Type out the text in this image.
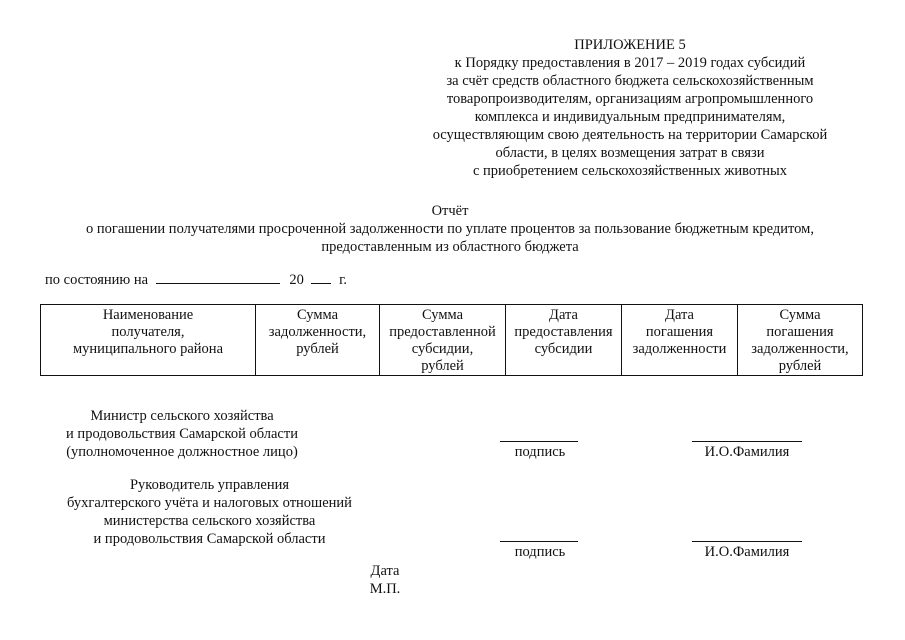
ПРИЛОЖЕНИЕ 5
к Порядку предоставления в 2017 – 2019 годах субсидий
за счёт средств областного бюджета сельскохозяйственным
товаропроизводителям, организациям агропромышленного
комплекса и индивидуальным предпринимателям,
осуществляющим свою деятельность на территории Самарской
области, в целях возмещения затрат в связи
с приобретением сельскохозяйственных животных
Отчёт
о погашении получателями просроченной задолженности по уплате процентов за пользование бюджетным кредитом,
предоставленным из областного бюджета
по состоянию на	20 г.
Наименование
получателя,
муниципального района

Сумма
задолженности,
рублей

Сумма
предоставленной
субсидии,
рублей

Дата
предоставления
субсидии

Дата
погашения
задолженности

Сумма
погашения
задолженности,
рублей
Министр сельского хозяйства
и продовольствия Самарской области
(уполномоченное должностное лицо)	подпись	И.О.Фамилия
Руководитель управления
бухгалтерского учёта и налоговых отношений
министерства сельского хозяйства
и продовольствия Самарской области
подпись	И.О.Фамилия
Дата
М.П.
